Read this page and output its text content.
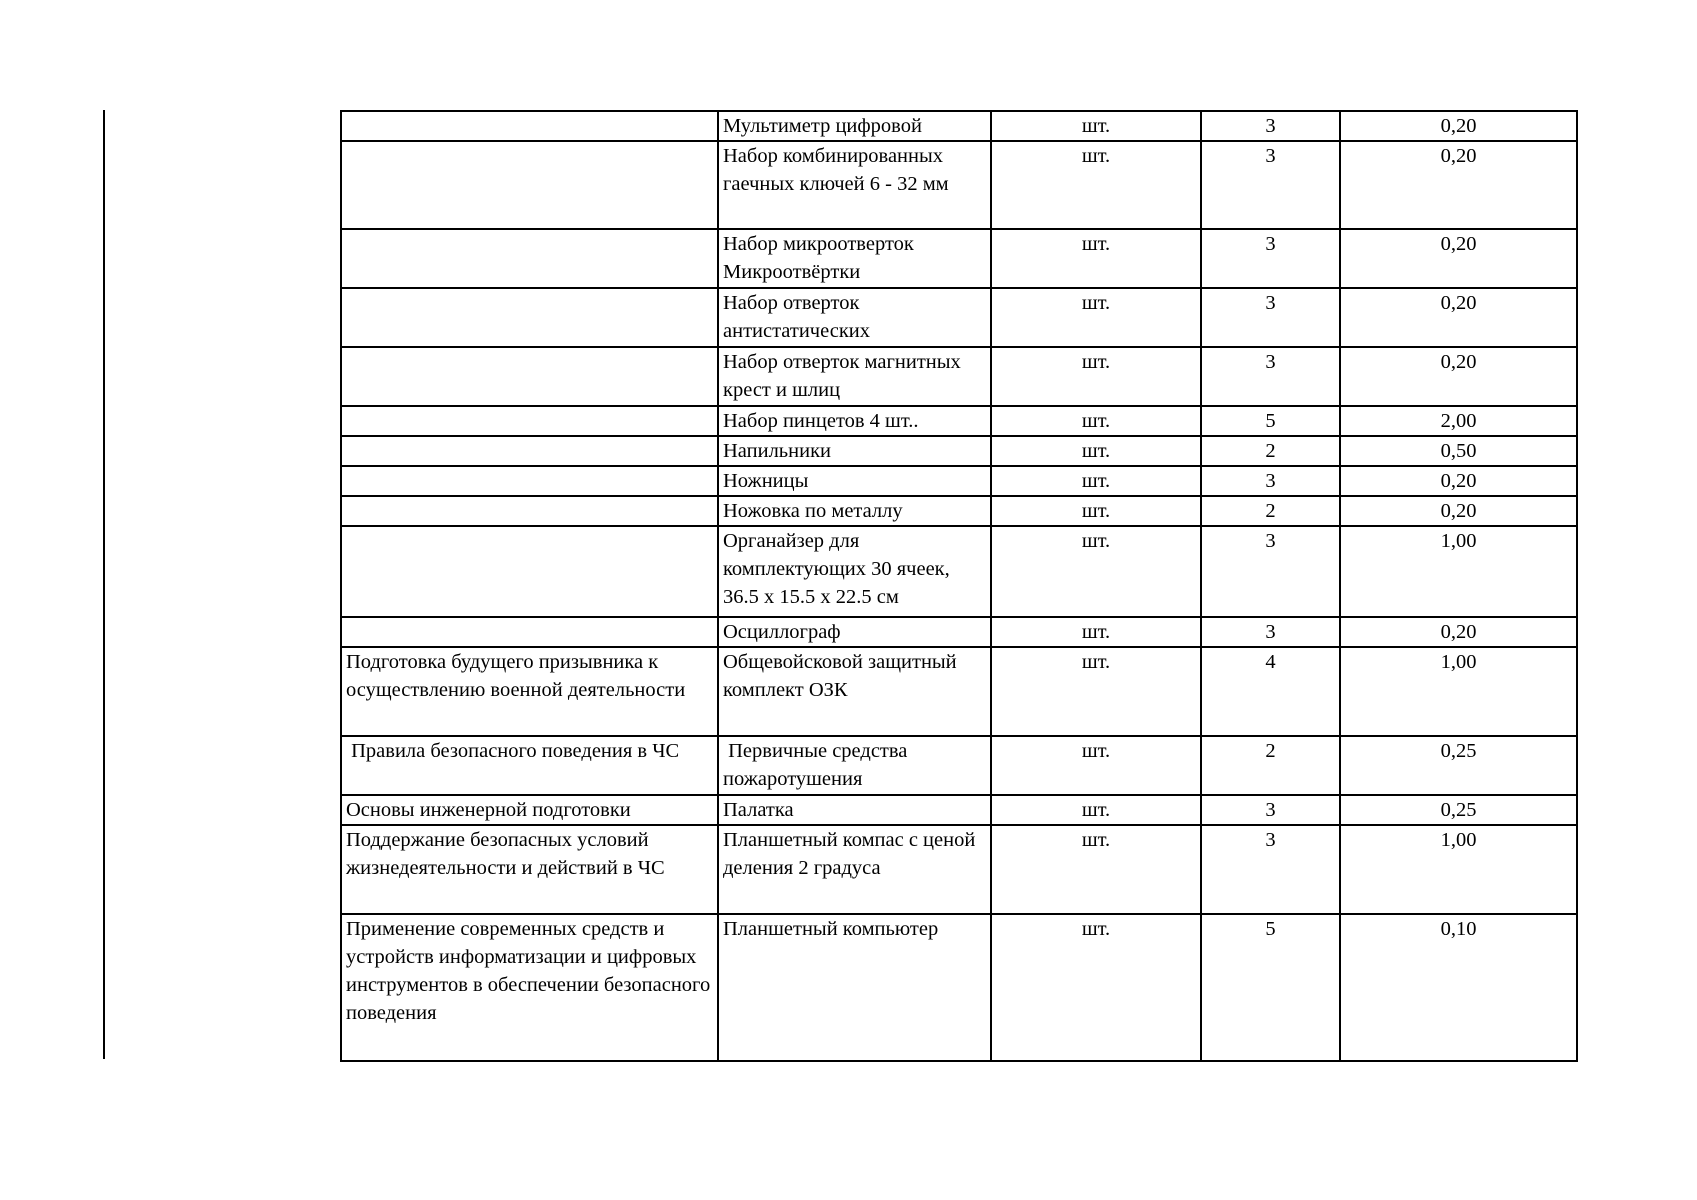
	Мультиметр цифровой	шт.	3	0,20
	Набор комбинированных гаечных ключей 6 - 32 мм	шт.	3	0,20
	Набор микроотверток Микроотвёртки	шт.	3	0,20
	Набор отверток антистатических	шт.	3	0,20
	Набор отверток магнитных крест и шлиц	шт.	3	0,20
	Набор пинцетов 4 шт..	шт.	5	2,00
	Напильники	шт.	2	0,50
	Ножницы	шт.	3	0,20
	Ножовка по металлу	шт.	2	0,20
	Органайзер для комплектующих 30 ячеек, 36.5 x 15.5 x 22.5 см	шт.	3	1,00
	Осциллограф	шт.	3	0,20
Подготовка будущего призывника к осуществлению военной деятельности	Общевойсковой защитный комплект ОЗК	шт.	4	1,00
Правила безопасного поведения в ЧС	Первичные средства пожаротушения	шт.	2	0,25
Основы инженерной подготовки	Палатка	шт.	3	0,25
Поддержание безопасных условий жизнедеятельности и действий в ЧС	Планшетный компас с ценой деления 2 градуса	шт.	3	1,00
Применение современных средств и устройств информатизации и цифровых инструментов в обеспечении безопасного поведения	Планшетный компьютер	шт.	5	0,10
